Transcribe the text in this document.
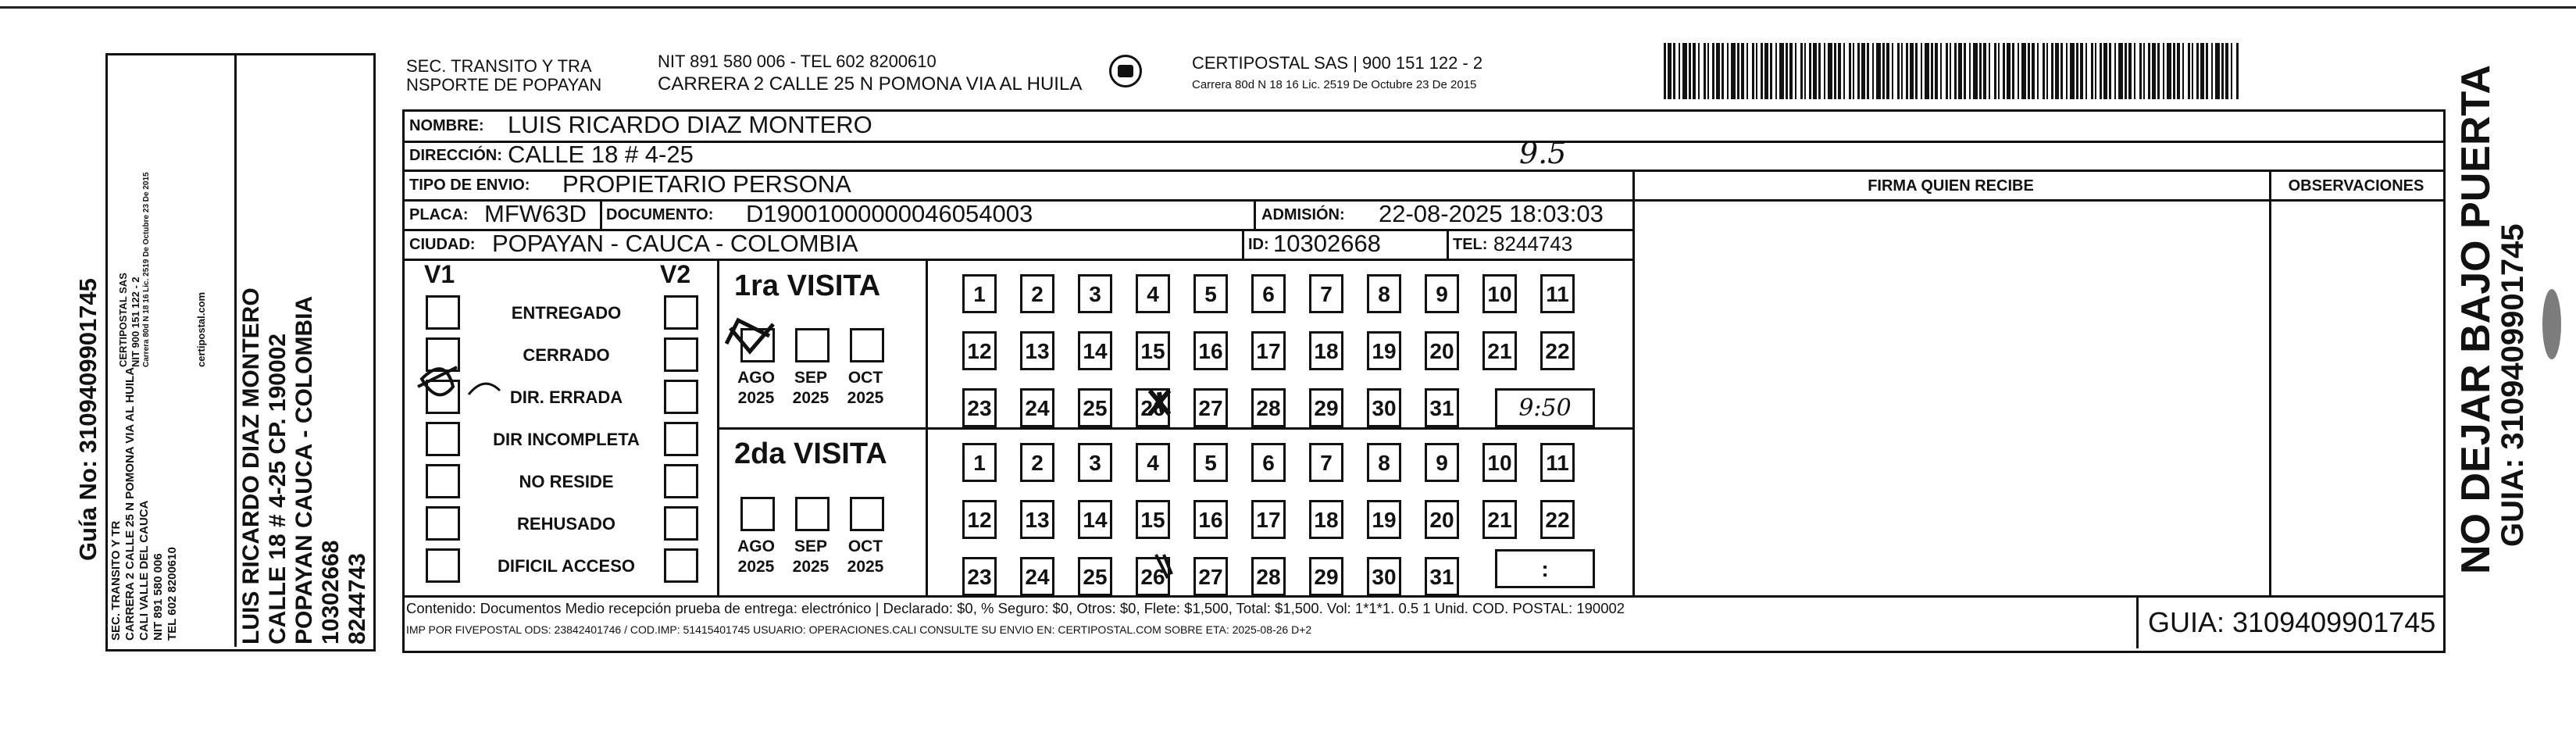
Guía No: 3109409901745
SEC. TRANSITO Y TR CARRERA 2 CALLE 25 N POMONA VIA AL HUILA CALI VALLE DEL CAUCA NIT 891 580 006 TEL 602 8200610
CERTIPOSTAL SAS NIT 900 151 122 - 2 Carrera 80d N 18 16 Lic. 2519 De Octubre 23 De 2015	certipostal.com LUIS RICARDO DIAZ MONTERO CALLE 18 # 4-25 CP. 190002 POPAYAN CAUCA - COLOMBIA 10302668 8244743
SEC. TRANSITO Y TRA
NSPORTE DE POPAYAN
NIT 891 580 006 - TEL 602 8200610
CARRERA 2 CALLE 25 N POMONA VIA AL HUILA
CERTIPOSTAL SAS | 900 151 122 - 2
Carrera 80d N 18 16 Lic. 2519 De Octubre 23 De 2015
NOMBRE: LUIS RICARDO DIAZ MONTERO
DIRECCIÓN: CALLE 18 # 4-25	9.5
TIPO DE ENVIO: PROPIETARIO PERSONA	FIRMA QUIEN RECIBE	OBSERVACIONES
PLACA: MFW63D DOCUMENTO: D19001000000046054003	ADMISIÓN: 22-08-2025 18:03:03
CIUDAD: POPAYAN - CAUCA - COLOMBIA	ID: 10302668	TEL: 8244743
V1	V2
ENTREGADO
CERRADO
DIR. ERRADA
DIR INCOMPLETA
NO RESIDE
REHUSADO
DIFICIL ACCESO
1ra VISITA
2da VISITA
AGO
2025
SEP
2025
OCT
2025
AGO
2025
SEP
2025
OCT
2025
1	2	3	4	5	6	7	8	9	10 11
12 13 14 15 16 17 18 19 20 21 22
23 24 25 26 27 28 29 30 31
1	2	3	4	5	6	7	8	9	10 11
12 13 14 15 16 17 18 19 20 21 22
23 24 25 26 27 28 29 30 31
9:50
:
Contenido: Documentos Medio recepción prueba de entrega: electrónico | Declarado: $0, % Seguro: $0, Otros: $0, Flete: $1,500, Total: $1,500. Vol: 1*1*1. 0.5 1 Unid. COD. POSTAL: 190002
IMP POR FIVEPOSTAL ODS: 23842401746 / COD.IMP: 51415401745 USUARIO: OPERACIONES.CALI CONSULTE SU ENVIO EN: CERTIPOSTAL.COM SOBRE ETA: 2025-08-26 D+2	GUIA: 3109409901745
NO DEJAR BAJO PUERTA
GUIA: 3109409901745
